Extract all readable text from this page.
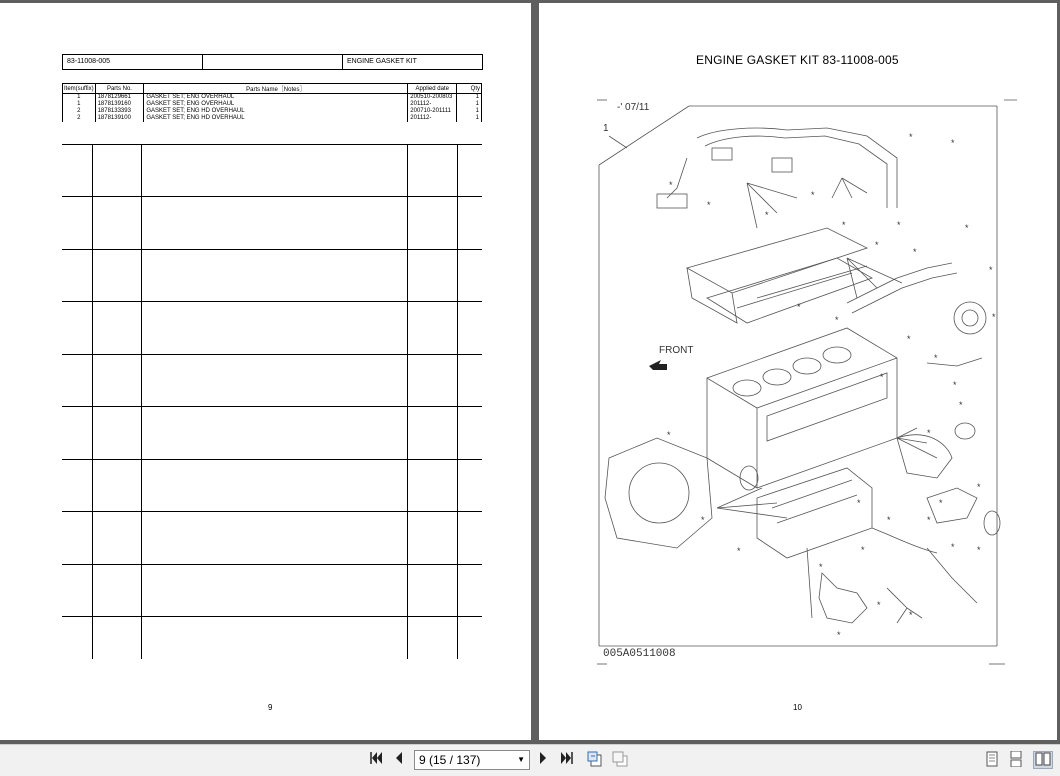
83-11008-005	ENGINE GASKET KIT
Item(suffix)	Parts No.	Parts Name［Notes］	Applied date	Qty
1	1878129661	GASKET SET; ENG OVERHAUL	200510-200803	1
1	1878139160	GASKET SET; ENG OVERHAUL	201112-	1
2	1878133393	GASKET SET; ENG HD OVERHAUL	200710-201111	1
2	1878139100	GASKET SET; ENG HD OVERHAUL	201112-	1
9
ENGINE GASKET KIT 83-11008-005
*
*
*
*
*
*
*
*
*
*
*
*
*
*
*
*
*
*
*
*
*
*
*
*
*
*
*
*
*
*
* *
*
*
*
*
-' 07/11
1
FRONT
005A0511008
10
9 (15 / 137)	▼
